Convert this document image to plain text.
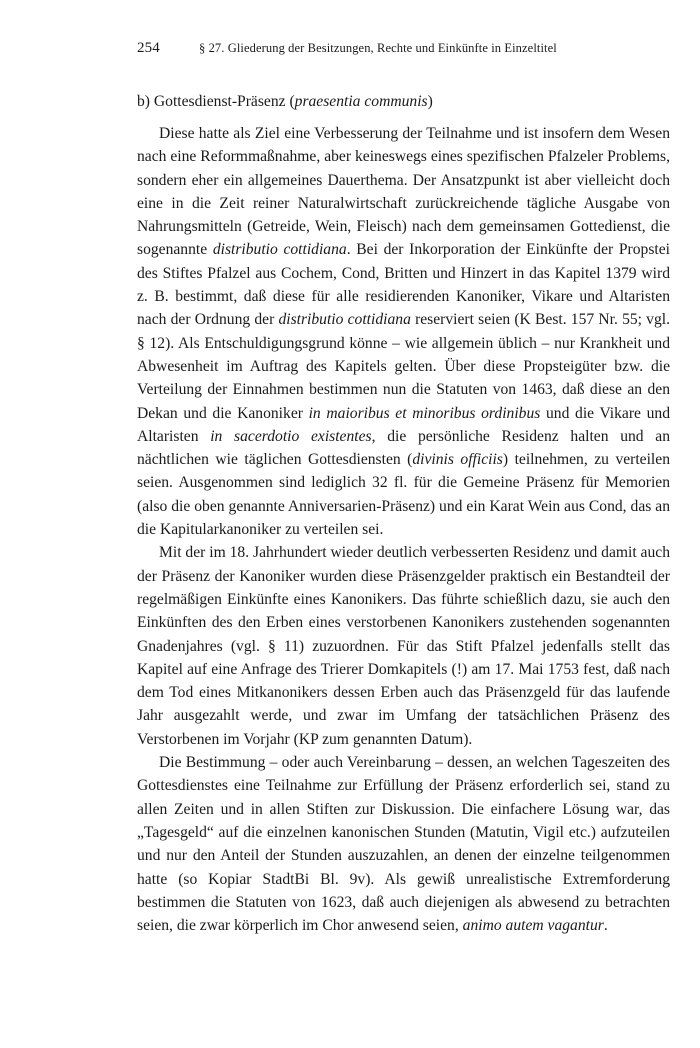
254	§ 27. Gliederung der Besitzungen, Rechte und Einkünfte in Einzeltitel
b) Gottesdienst-Präsenz (praesentia communis)

Diese hatte als Ziel eine Verbesserung der Teilnahme und ist insofern dem Wesen nach eine Reformmaßnahme, aber keineswegs eines spezifischen Pfalzeler Problems, sondern eher ein allgemeines Dauerthema. Der Ansatzpunkt ist aber vielleicht doch eine in die Zeit reiner Naturalwirtschaft zurückreichende tägliche Ausgabe von Nahrungsmitteln (Getreide, Wein, Fleisch) nach dem gemeinsamen Gottedienst, die sogenannte distributio cottidiana. Bei der Inkorporation der Einkünfte der Propstei des Stiftes Pfalzel aus Cochem, Cond, Britten und Hinzert in das Kapitel 1379 wird z. B. bestimmt, daß diese für alle residierenden Kanoniker, Vikare und Altaristen nach der Ordnung der distributio cottidiana reserviert seien (K Best. 157 Nr. 55; vgl. § 12). Als Entschuldigungsgrund könne – wie allgemein üblich – nur Krankheit und Abwesenheit im Auftrag des Kapitels gelten. Über diese Propsteigüter bzw. die Verteilung der Einnahmen bestimmen nun die Statuten von 1463, daß diese an den Dekan und die Kanoniker in maioribus et minoribus ordinibus und die Vikare und Altaristen in sacerdotio existentes, die persönliche Residenz halten und an nächtlichen wie täglichen Gottesdiensten (divinis officiis) teilnehmen, zu verteilen seien. Ausgenommen sind lediglich 32 fl. für die Gemeine Präsenz für Memorien (also die oben genannte Anniversarien-Präsenz) und ein Karat Wein aus Cond, das an die Kapitularkanoniker zu verteilen sei.

Mit der im 18. Jahrhundert wieder deutlich verbesserten Residenz und damit auch der Präsenz der Kanoniker wurden diese Präsenzgelder praktisch ein Bestandteil der regelmäßigen Einkünfte eines Kanonikers. Das führte schießlich dazu, sie auch den Einkünften des den Erben eines verstorbenen Kanonikers zustehenden sogenannten Gnadenjahres (vgl. § 11) zuzuordnen. Für das Stift Pfalzel jedenfalls stellt das Kapitel auf eine Anfrage des Trierer Domkapitels (!) am 17. Mai 1753 fest, daß nach dem Tod eines Mitkanonikers dessen Erben auch das Präsenzgeld für das laufende Jahr ausgezahlt werde, und zwar im Umfang der tatsächlichen Präsenz des Verstorbenen im Vorjahr (KP zum genannten Datum).

Die Bestimmung – oder auch Vereinbarung – dessen, an welchen Tageszeiten des Gottesdienstes eine Teilnahme zur Erfüllung der Präsenz erforderlich sei, stand zu allen Zeiten und in allen Stiften zur Diskussion. Die einfachere Lösung war, das „Tagesgeld“ auf die einzelnen kanonischen Stunden (Matutin, Vigil etc.) aufzuteilen und nur den Anteil der Stunden auszuzahlen, an denen der einzelne teilgenommen hatte (so Kopiar StadtBi Bl. 9v). Als gewiß unrealistische Extremforderung bestimmen die Statuten von 1623, daß auch diejenigen als abwesend zu betrachten seien, die zwar körperlich im Chor anwesend seien, animo autem vagantur.
